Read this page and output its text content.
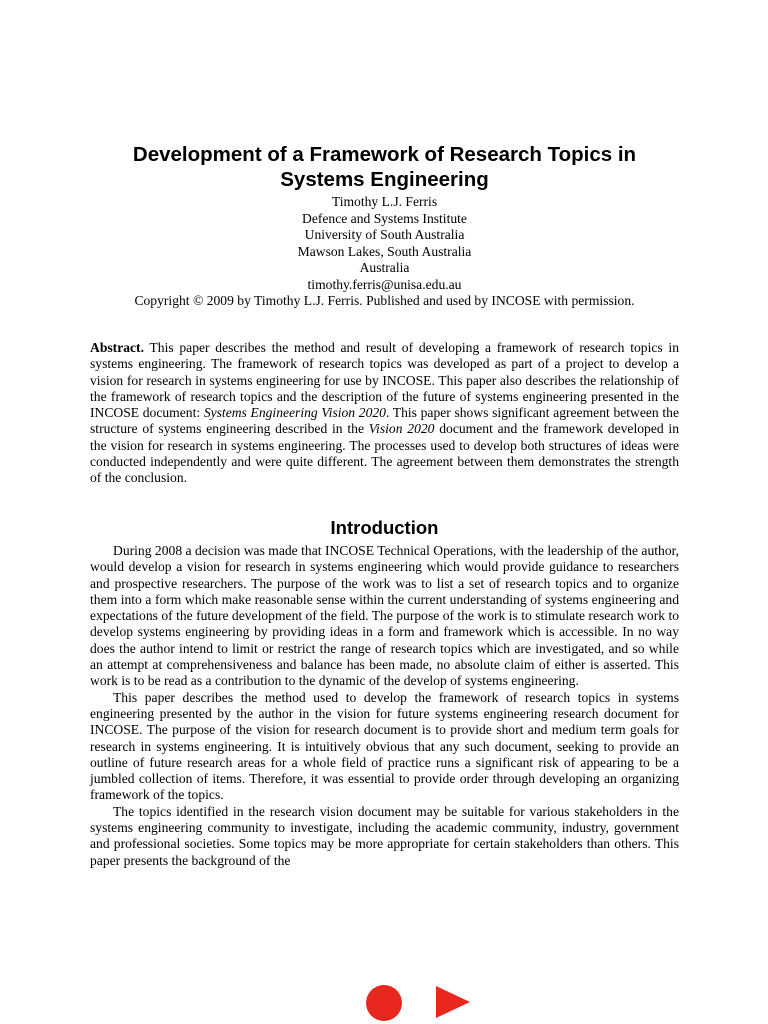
Development of a Framework of Research Topics in Systems Engineering
Timothy L.J. Ferris
Defence and Systems Institute
University of South Australia
Mawson Lakes, South Australia
Australia
timothy.ferris@unisa.edu.au
Copyright © 2009 by Timothy L.J. Ferris. Published and used by INCOSE with permission.

Abstract. This paper describes the method and result of developing a framework of research topics in systems engineering. The framework of research topics was developed as part of a project to develop a vision for research in systems engineering for use by INCOSE. This paper also describes the relationship of the framework of research topics and the description of the future of systems engineering presented in the INCOSE document: Systems Engineering Vision 2020. This paper shows significant agreement between the structure of systems engineering described in the Vision 2020 document and the framework developed in the vision for research in systems engineering. The processes used to develop both structures of ideas were conducted independently and were quite different. The agreement between them demonstrates the strength of the conclusion.

Introduction

During 2008 a decision was made that INCOSE Technical Operations, with the leadership of the author, would develop a vision for research in systems engineering which would provide guidance to researchers and prospective researchers. The purpose of the work was to list a set of research topics and to organize them into a form which make reasonable sense within the current understanding of systems engineering and expectations of the future development of the field. The purpose of the work is to stimulate research work to develop systems engineering by providing ideas in a form and framework which is accessible. In no way does the author intend to limit or restrict the range of research topics which are investigated, and so while an attempt at comprehensiveness and balance has been made, no absolute claim of either is asserted. This work is to be read as a contribution to the dynamic of the develop of systems engineering.

This paper describes the method used to develop the framework of research topics in systems engineering presented by the author in the vision for future systems engineering research document for INCOSE. The purpose of the vision for research document is to provide short and medium term goals for research in systems engineering. It is intuitively obvious that any such document, seeking to provide an outline of future research areas for a whole field of practice runs a significant risk of appearing to be a jumbled collection of items. Therefore, it was essential to provide order through developing an organizing framework of the topics.

The topics identified in the research vision document may be suitable for various stakeholders in the systems engineering community to investigate, including the academic community, industry, government and professional societies. Some topics may be more appropriate for certain stakeholders than others. This paper presents the background of the
